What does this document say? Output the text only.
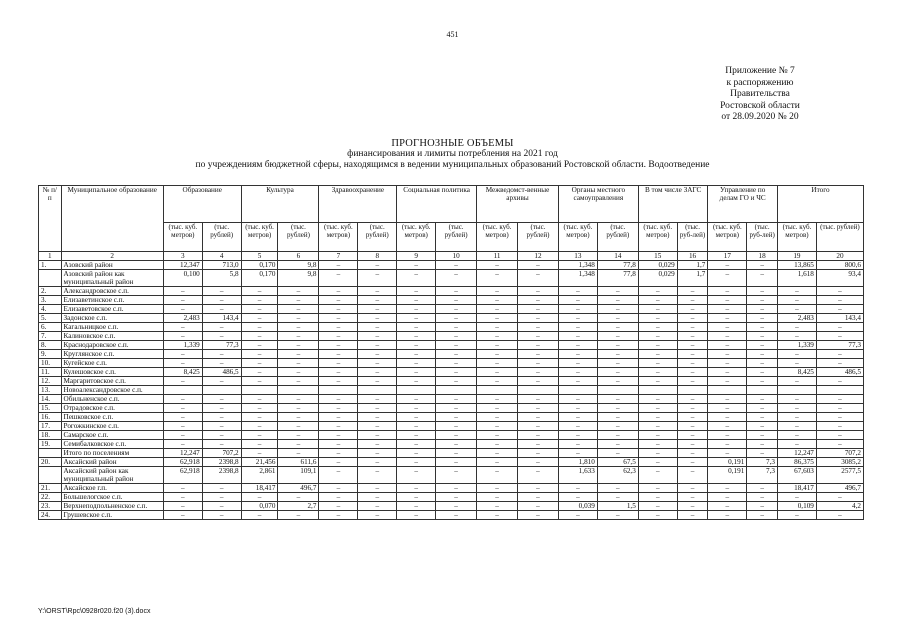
451
Приложение № 7
к распоряжению
Правительства
Ростовской области
от 28.09.2020 № 20
ПРОГНОЗНЫЕ ОБЪЕМЫ
финансирования и лимиты потребления на 2021 год
по учреждениям бюджетной сферы, находящимся в ведении муниципальных образований Ростовской области. Водоотведение
№ п/п	Муниципальное образование	Образование		Культура		Здравоохранение		Социальная политика		Межведомст-венные архивы		Органы местного самоуправления		В том числе ЗАГС		Управление по делам ГО и ЧС		Итого	
		(тыс. куб. метров)	(тыс. рублей)	(тыс. куб. метров)	(тыс. рублей)	(тыс. куб. метров)	(тыс. рублей)	(тыс. куб. метров)	(тыс. рублей)	(тыс. куб. метров)	(тыс. рублей)	(тыс. куб. метров)	(тыс. рублей)	(тыс. куб. метров)	(тыс. руб-лей)	(тыс. куб. метров)	(тыс. руб-лей)	(тыс. куб. метров)	(тыс. рублей)
1	2	3	4	5	6	7	8	9	10	11	12	13	14	15	16	17	18	19	20
1.	Азовский район	12,347	713,0	0,170	9,8	–	–	–	–	–	–	1,348	77,8	0,029	1,7	–	–	13,865	800,6
	Азовский район как муниципальный район	0,100	5,8	0,170	9,8	–	–	–	–	–	–	1,348	77,8	0,029	1,7	–	–	1,618	93,4
2.	Александровское с.п.	–	–	–	–	–	–	–	–	–	–	–	–	–	–	–	–	–	–
3.	Елизаветинское с.п.	–	–	–	–	–	–	–	–	–	–	–	–	–	–	–	–	–	–
4.	Елизаветовское с.п.	–	–	–	–	–	–	–	–	–	–	–	–	–	–	–	–	–	–
5.	Задонское с.п.	2,483	143,4	–	–	–	–	–	–	–	–	–	–	–	–	–	–	2,483	143,4
6.	Кагальницкое с.п.	–	–	–	–	–	–	–	–	–	–	–	–	–	–	–	–	–	–
7.	Калиновское с.п.	–	–	–	–	–	–	–	–	–	–	–	–	–	–	–	–	–	–
8.	Краснодаровское с.п.	1,339	77,3	–	–	–	–	–	–	–	–	–	–	–	–	–	–	1,339	77,3
9.	Круглянское с.п.	–	–	–	–	–	–	–	–	–	–	–	–	–	–	–	–	–	–
10.	Кугейское с.п.	–	–	–	–	–	–	–	–	–	–	–	–	–	–	–	–	–	–
11.	Кулешовское с.п.	8,425	486,5	–	–	–	–	–	–	–	–	–	–	–	–	–	–	8,425	486,5
12.	Маргаритовское с.п.	–	–	–	–	–	–	–	–	–	–	–	–	–	–	–	–	–	–
13.	Новоалександровское с.п.																		
14.	Обильненское с.п.	–	–	–	–	–	–	–	–	–	–	–	–	–	–	–	–	–	–
15.	Отрадовское с.п.	–	–	–	–	–	–	–	–	–	–	–	–	–	–	–	–	–	–
16.	Пешковское с.п.	–	–	–	–	–	–	–	–	–	–	–	–	–	–	–	–	–	–
17.	Рогожкинское с.п.	–	–	–	–	–	–	–	–	–	–	–	–	–	–	–	–	–	–
18.	Самарское с.п.	–	–	–	–	–	–	–	–	–	–	–	–	–	–	–	–	–	–
19.	Семибалковское с.п.	–	–	–	–	–	–	–	–	–	–	–	–	–	–	–	–	–	–
	Итого по поселениям	12,247	707,2	–	–	–	–	–	–	–	–	–	–	–	–	–	–	12,247	707,2
20.	Аксайский район	62,918	2398,8	21,456	611,6	–	–	–	–	–	–	1,810	67,5	–	–	0,191	7,3	86,375	3085,2
	Аксайский район как муниципальный район	62,918	2398,8	2,861	109,1	–	–	–	–	–	–	1,633	62,3	–	–	0,191	7,3	67,603	2577,5
21.	Аксайское г.п.	–	–	18,417	496,7	–	–	–	–	–	–	–	–	–	–	–	–	18,417	496,7
22.	Большелогское с.п.	–	–	–	–	–	–	–	–	–	–	–	–	–	–	–	–	–	–
23.	Верхнеподпольненское с.п.	–	–	0,070	2,7	–	–	–	–	–	–	0,039	1,5	–	–	–	–	0,109	4,2
24.	Грушевское с.п.	–	–	–	–	–	–	–	–	–	–	–	–	–	–	–	–	–	–
Y:\ORST\Rpc\0928r020.f20 (3).docx
